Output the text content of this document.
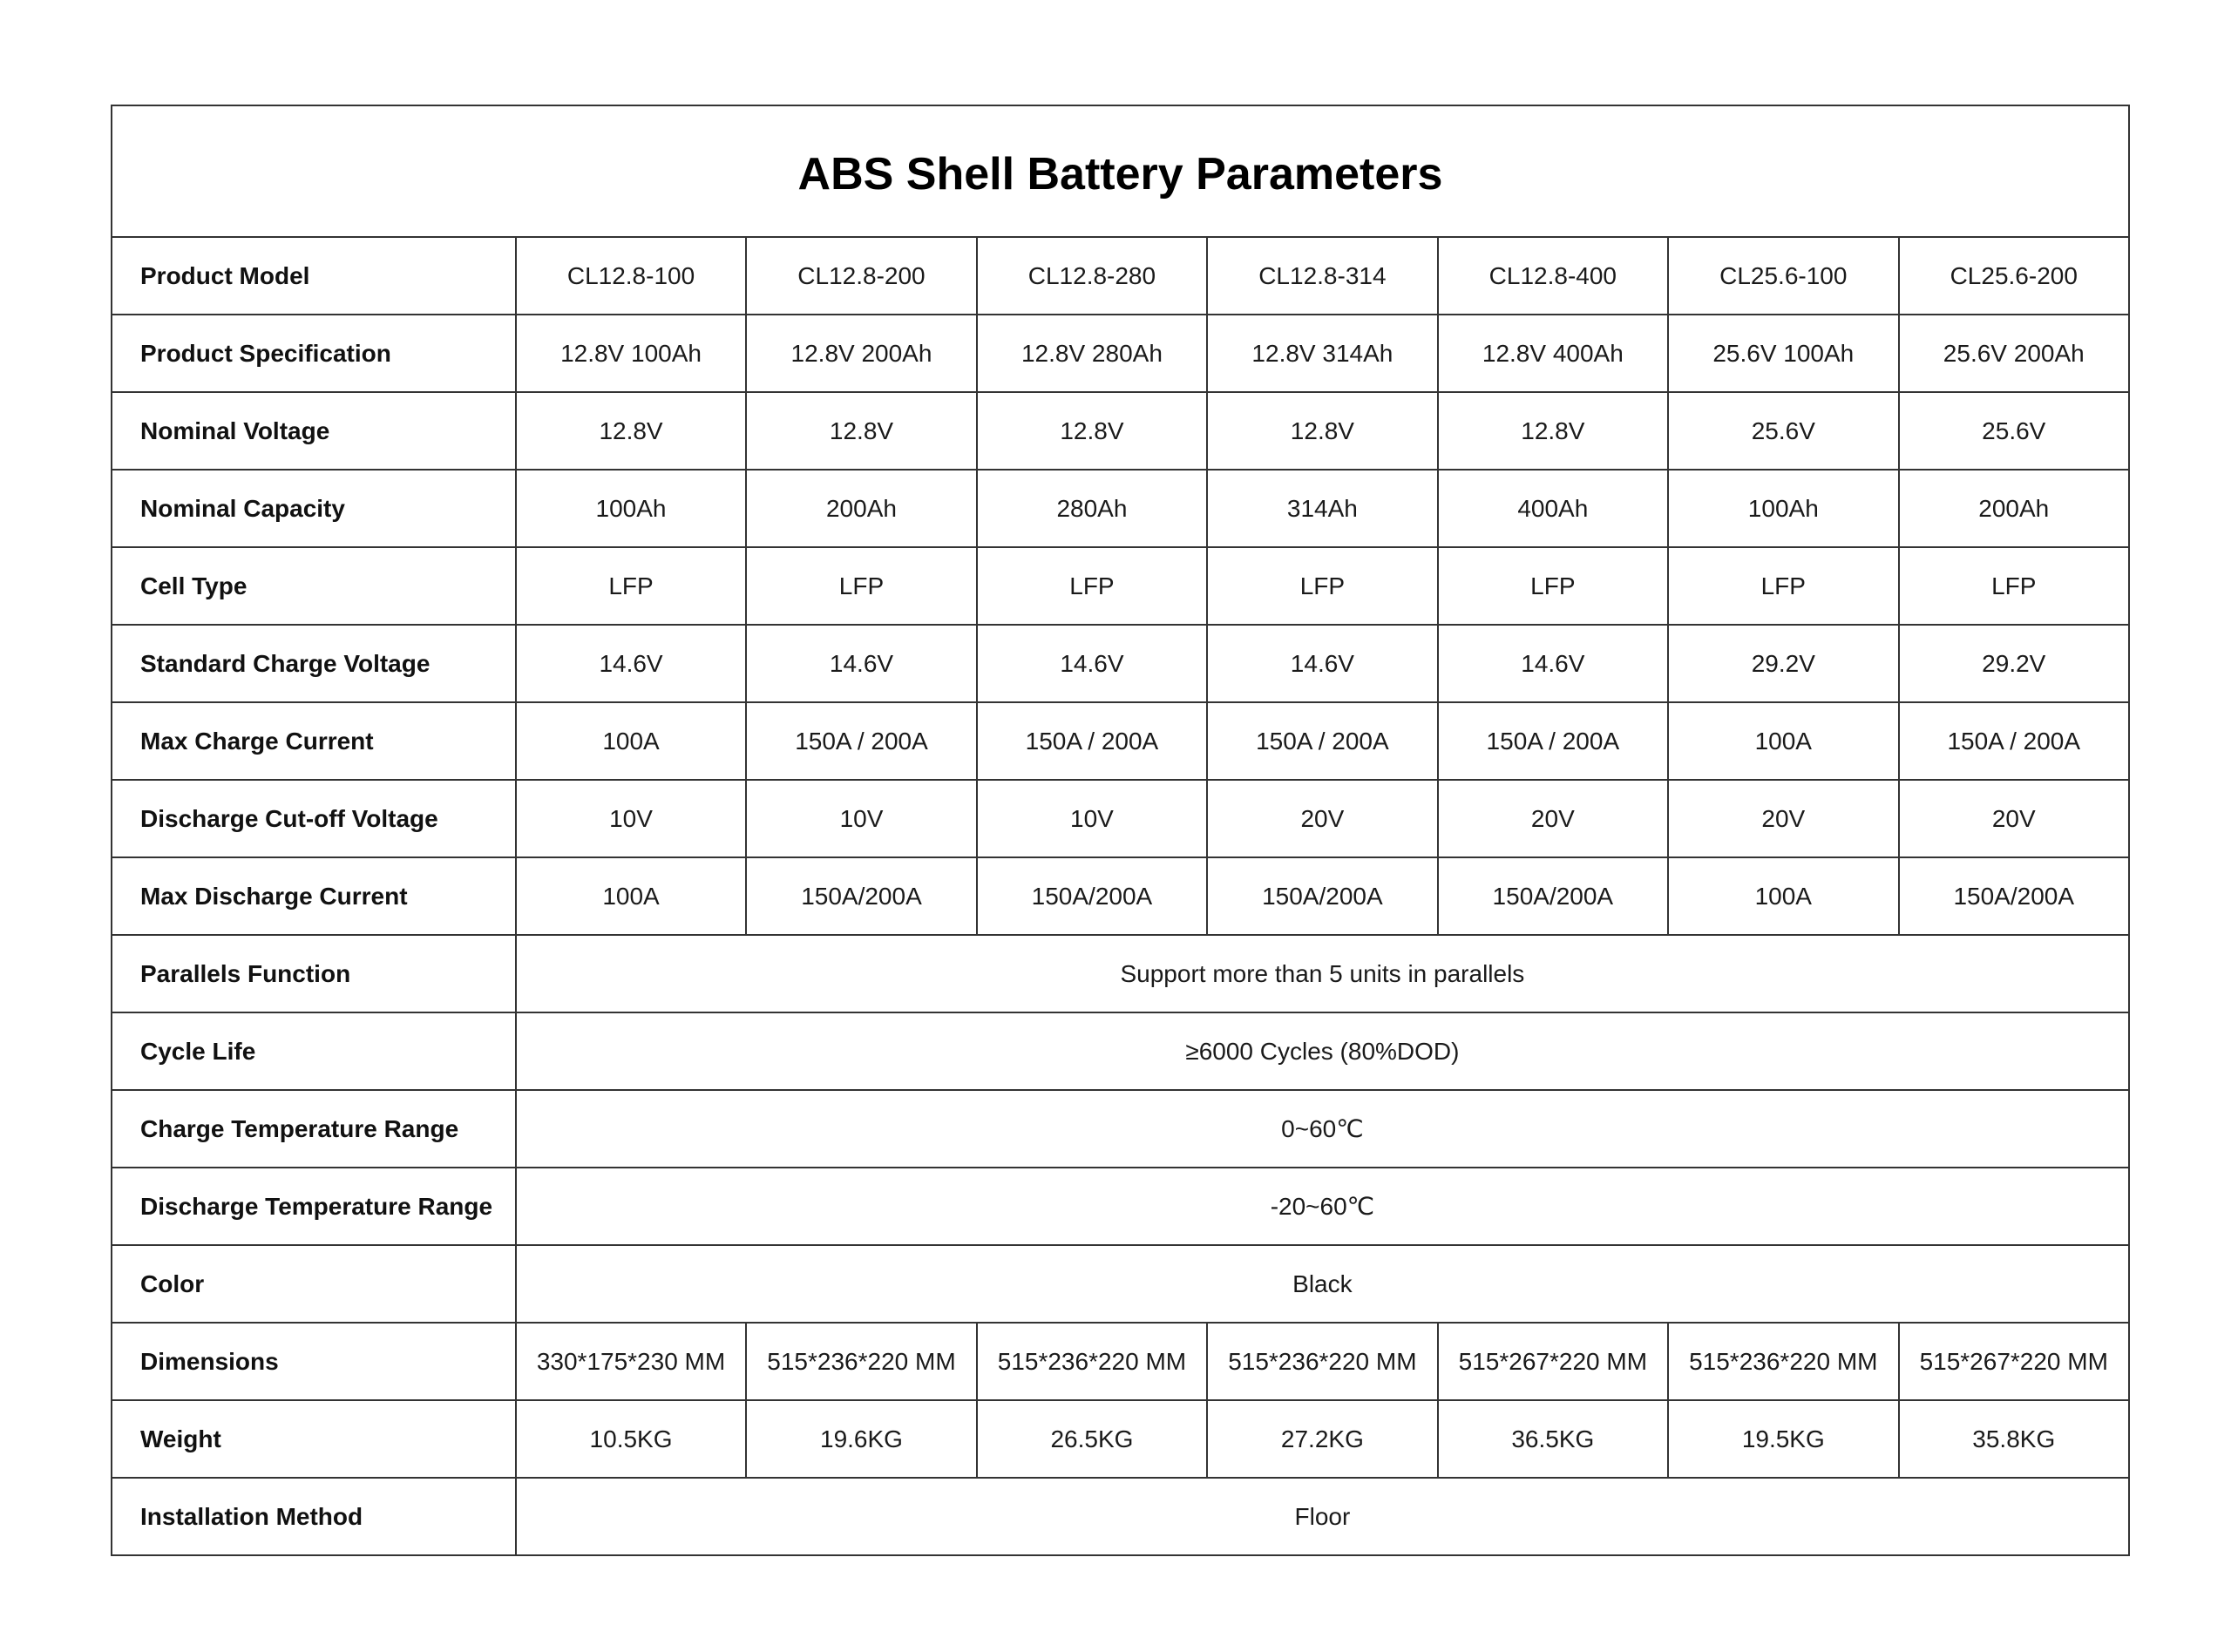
ABS Shell Battery Parameters							
Product Model	CL12.8-100	CL12.8-200	CL12.8-280	CL12.8-314	CL12.8-400	CL25.6-100	CL25.6-200
Product Specification	12.8V 100Ah	12.8V 200Ah	12.8V 280Ah	12.8V 314Ah	12.8V 400Ah	25.6V 100Ah	25.6V 200Ah
Nominal Voltage	12.8V	12.8V	12.8V	12.8V	12.8V	25.6V	25.6V
Nominal Capacity	100Ah	200Ah	280Ah	314Ah	400Ah	100Ah	200Ah
Cell Type	LFP	LFP	LFP	LFP	LFP	LFP	LFP
Standard Charge Voltage	14.6V	14.6V	14.6V	14.6V	14.6V	29.2V	29.2V
Max Charge Current	100A	150A / 200A	150A / 200A	150A / 200A	150A / 200A	100A	150A / 200A
Discharge Cut-off Voltage	10V	10V	10V	20V	20V	20V	20V
Max Discharge Current	100A	150A/200A	150A/200A	150A/200A	150A/200A	100A	150A/200A
Parallels Function	Support more than 5 units in parallels						
Cycle Life	≥6000 Cycles (80%DOD)						
Charge Temperature Range	0~60℃						
Discharge Temperature Range	-20~60℃						
Color	Black						
Dimensions	330*175*230 MM	515*236*220 MM	515*236*220 MM	515*236*220 MM	515*267*220 MM	515*236*220 MM	515*267*220 MM
Weight	10.5KG	19.6KG	26.5KG	27.2KG	36.5KG	19.5KG	35.8KG
Installation Method	Floor						
